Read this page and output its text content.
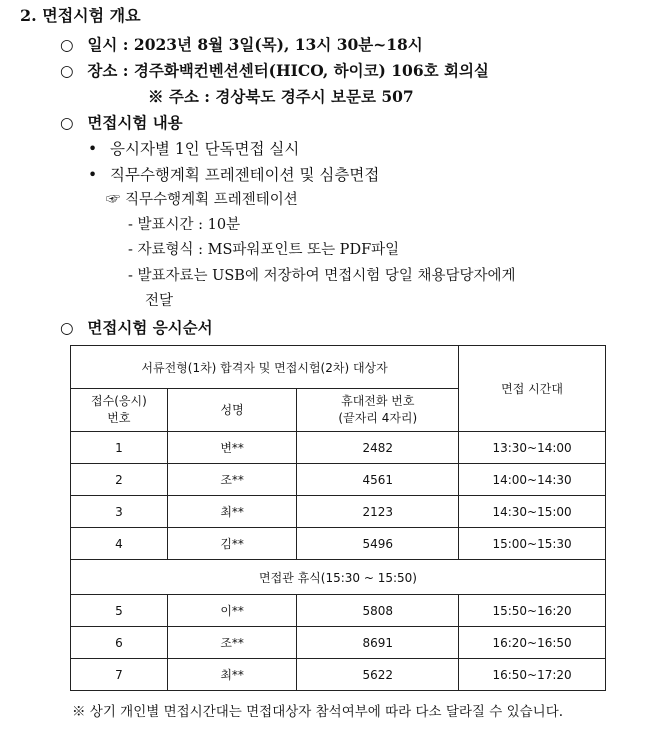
2. 면접시험 개요
○ 일시 : 2023년 8월 3일(목), 13시 30분~18시
○ 장소 : 경주화백컨벤션센터(HICO, 하이코) 106호 회의실
※ 주소 : 경상북도 경주시 보문로 507
○ 면접시험 내용
• 응시자별 1인 단독면접 실시
• 직무수행계획 프레젠테이션 및 심층면접
☞ 직무수행계획 프레젠테이션
- 발표시간 : 10분
- 자료형식 : MS파워포인트 또는 PDF파일
- 발표자료는 USB에 저장하여 면접시험 당일 채용담당자에게
전달
○ 면접시험 응시순서
서류전형(1차) 합격자 및 면접시험(2차) 대상자			면접 시간대
접수(응시)
번호	성명	휴대전화 번호
(끝자리 4자리)	
1	변**	2482	13:30~14:00
2	조**	4561	14:00~14:30
3	최**	2123	14:30~15:00
4	김**	5496	15:00~15:30
면접관 휴식(15:30 ~ 15:50)			
5	이**	5808	15:50~16:20
6	조**	8691	16:20~16:50
7	최**	5622	16:50~17:20
※ 상기 개인별 면접시간대는 면접대상자 참석여부에 따라 다소 달라질 수 있습니다.
